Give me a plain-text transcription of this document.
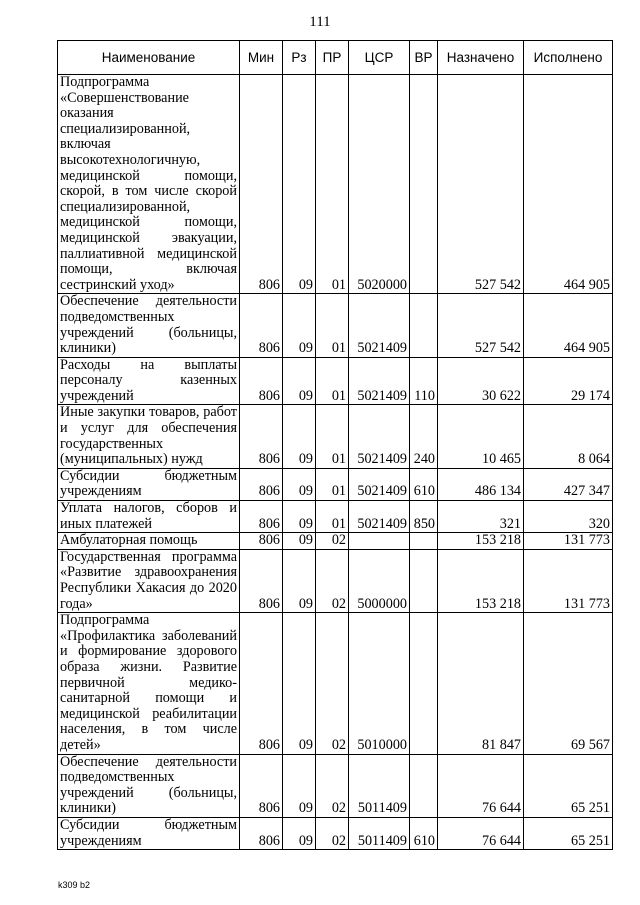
111
Наименование	Мин	Рз	ПР	ЦСР	ВР	Назначено	Исполнено
Подпрограмма «Совершенствование оказания специализированной, включая высокотехнологичную, медицинской помощи, скорой, в том числе скорой специализированной, медицинской помощи, медицинской эвакуации, паллиативной медицинской помощи, включая сестринский уход»	806	09	01	5020000		527 542	464 905
Обеспечение деятельности подведомственных учреждений (больницы, клиники)	806	09	01	5021409		527 542	464 905
Расходы на выплаты персоналу казенных учреждений	806	09	01	5021409	110	30 622	29 174
Иные закупки товаров, работ и услуг для обеспечения государственных (муниципальных) нужд	806	09	01	5021409	240	10 465	8 064
Субсидии бюджетным учреждениям	806	09	01	5021409	610	486 134	427 347
Уплата налогов, сборов и иных платежей	806	09	01	5021409	850	321	320
Амбулаторная помощь	806	09	02			153 218	131 773
Государственная программа «Развитие здравоохранения Республики Хакасия до 2020 года»	806	09	02	5000000		153 218	131 773
Подпрограмма «Профилактика заболеваний и формирование здорового образа жизни. Развитие первичной медико-санитарной помощи и медицинской реабилитации населения, в том числе детей»	806	09	02	5010000		81 847	69 567
Обеспечение деятельности подведомственных учреждений (больницы, клиники)	806	09	02	5011409		76 644	65 251
Субсидии бюджетным учреждениям	806	09	02	5011409	610	76 644	65 251
k309 b2
